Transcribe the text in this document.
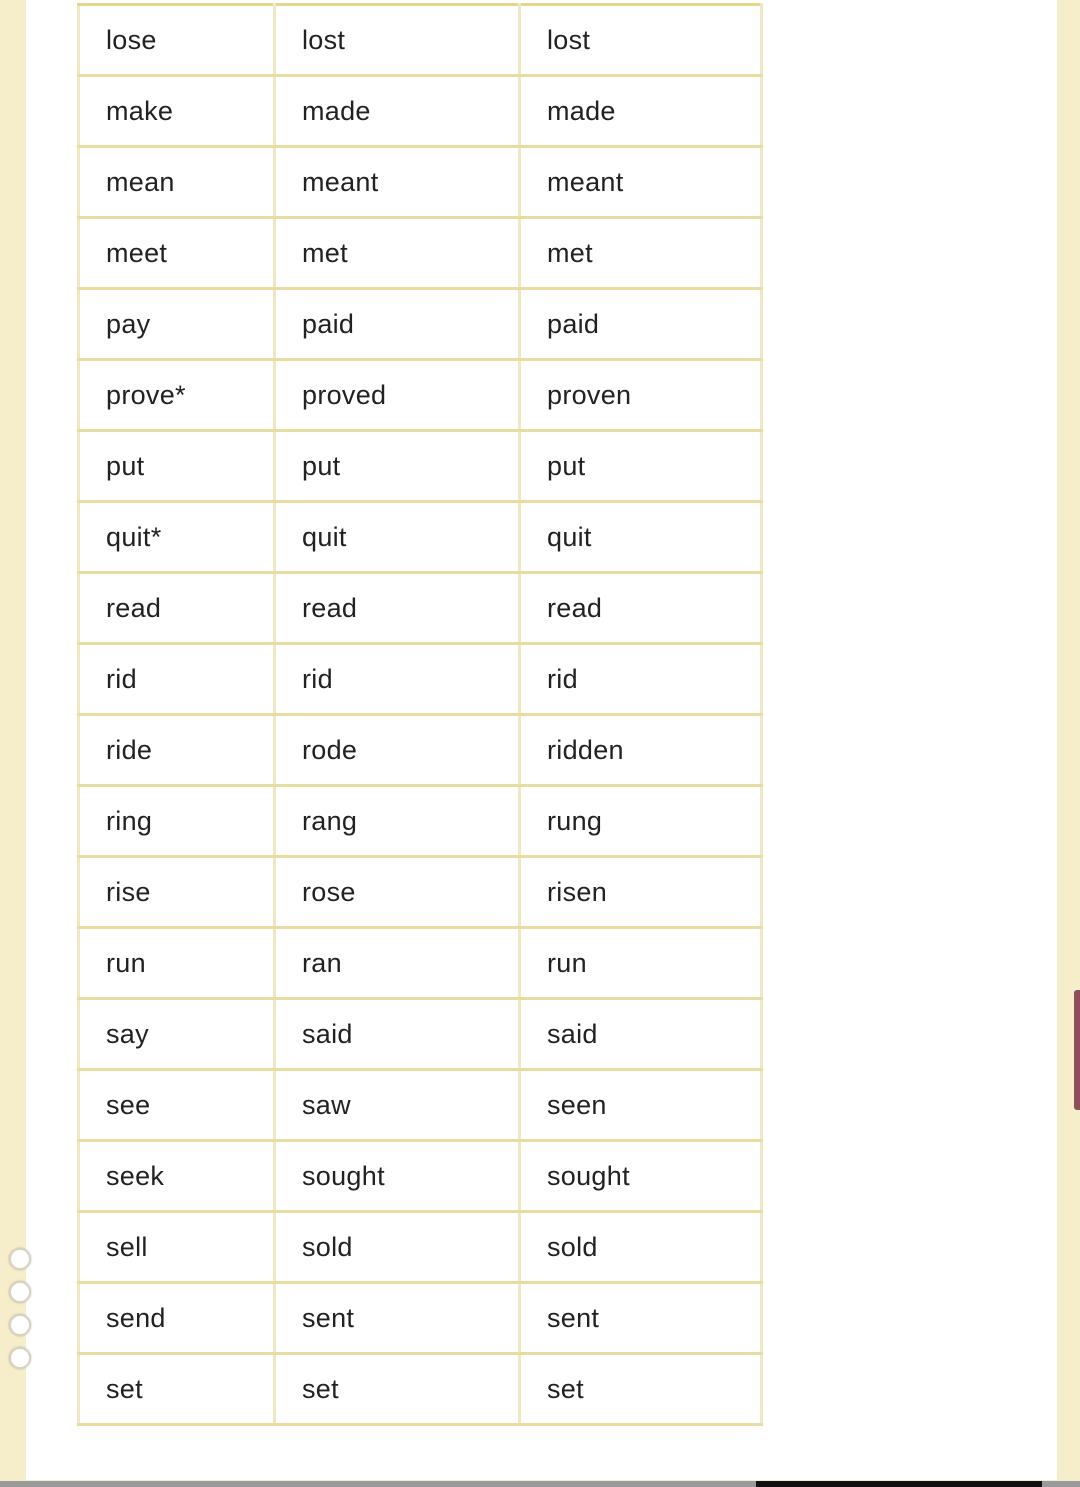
lose	lost	lost
make	made	made
mean	meant	meant
meet	met	met
pay	paid	paid
prove*	proved	proven
put	put	put
quit*	quit	quit
read	read	read
rid	rid	rid
ride	rode	ridden
ring	rang	rung
rise	rose	risen
run	ran	run
say	said	said
see	saw	seen
seek	sought	sought
sell	sold	sold
send	sent	sent
set	set	set
